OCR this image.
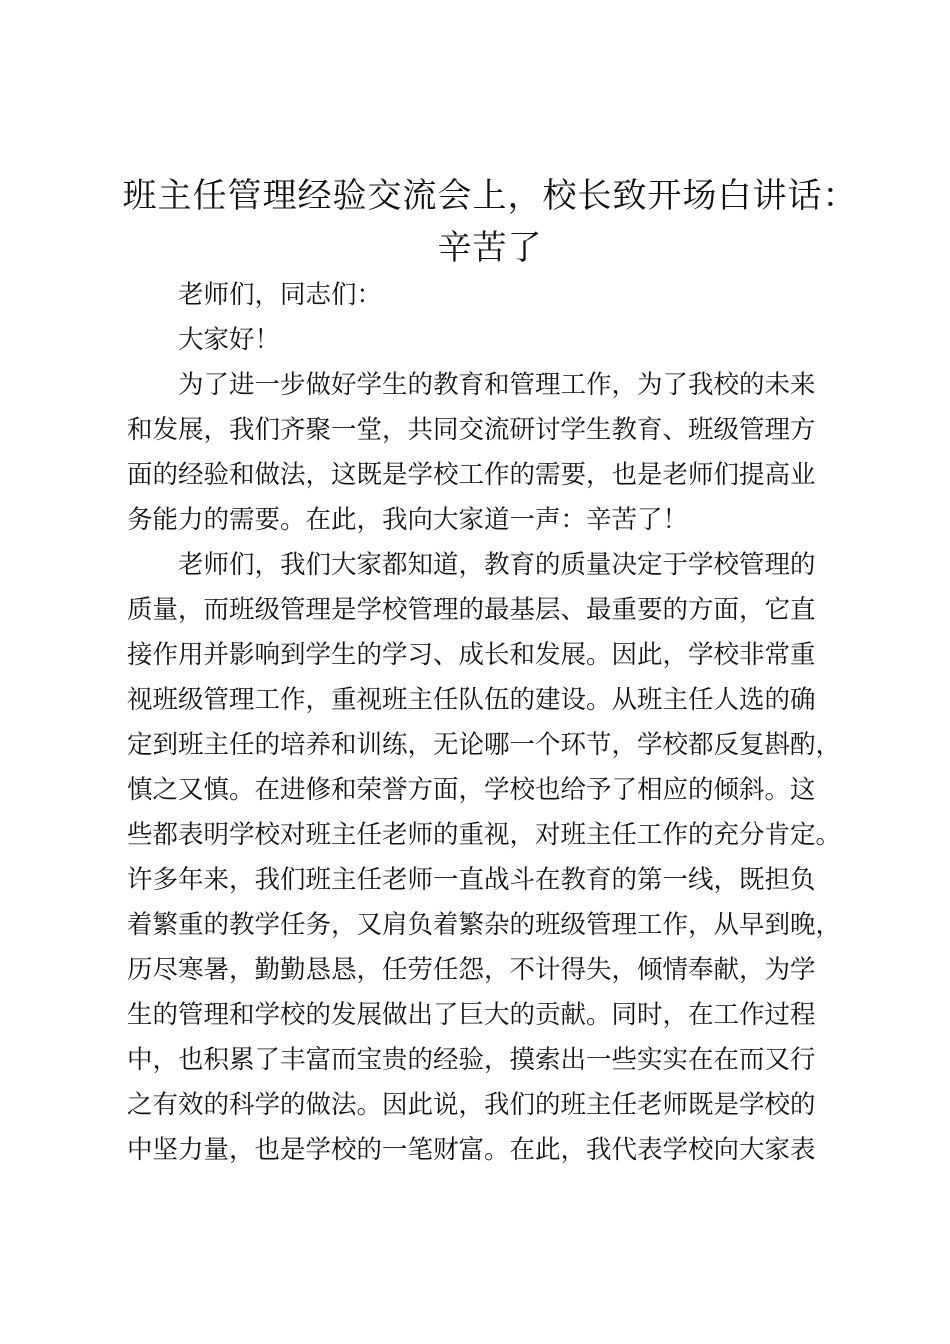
班主任管理经验交流会上，校长致开场白讲话：辛苦了
老师们，同志们：
大家好！
为了进一步做好学生的教育和管理工作，为了我校的未来
和发展，我们齐聚一堂，共同交流研讨学生教育、班级管理方
面的经验和做法，这既是学校工作的需要，也是老师们提高业
务能力的需要。在此，我向大家道一声：辛苦了！
老师们，我们大家都知道，教育的质量决定于学校管理的
质量，而班级管理是学校管理的最基层、最重要的方面，它直
接作用并影响到学生的学习、成长和发展。因此，学校非常重
视班级管理工作，重视班主任队伍的建设。从班主任人选的确
定到班主任的培养和训练，无论哪一个环节，学校都反复斟酌，
慎之又慎。在进修和荣誉方面，学校也给予了相应的倾斜。这
些都表明学校对班主任老师的重视，对班主任工作的充分肯定。
许多年来，我们班主任老师一直战斗在教育的第一线，既担负
着繁重的教学任务，又肩负着繁杂的班级管理工作，从早到晚，
历尽寒暑，勤勤恳恳，任劳任怨，不计得失，倾情奉献，为学
生的管理和学校的发展做出了巨大的贡献。同时，在工作过程
中，也积累了丰富而宝贵的经验，摸索出一些实实在在而又行
之有效的科学的做法。因此说，我们的班主任老师既是学校的
中坚力量，也是学校的一笔财富。在此，我代表学校向大家表
